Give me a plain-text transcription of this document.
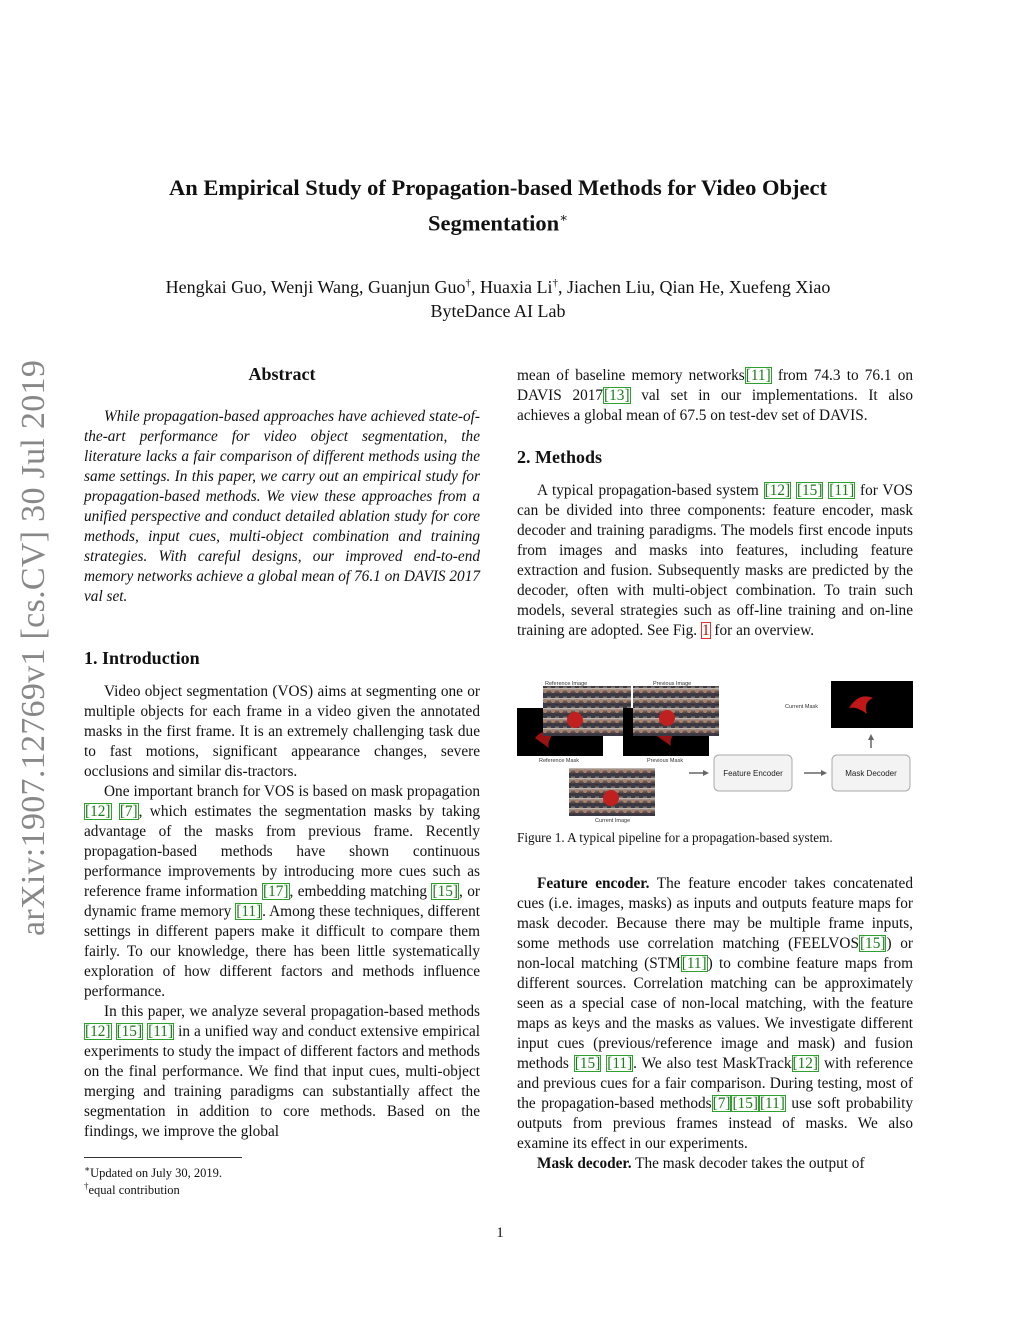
arXiv:1907.12769v1 [cs.CV] 30 Jul 2019
An Empirical Study of Propagation-based Methods for Video Object
Segmentation∗
Hengkai Guo, Wenji Wang, Guanjun Guo†, Huaxia Li†, Jiachen Liu, Qian He, Xuefeng Xiao
ByteDance AI Lab
Abstract

While propagation-based approaches have achieved state-of-the-art performance for video object segmentation, the literature lacks a fair comparison of different methods using the same settings. In this paper, we carry out an empirical study for propagation-based methods. We view these approaches from a unified perspective and conduct detailed ablation study for core methods, input cues, multi-object combination and training strategies. With careful designs, our improved end-to-end memory networks achieve a global mean of 76.1 on DAVIS 2017 val set.

1. Introduction

Video object segmentation (VOS) aims at segmenting one or multiple objects for each frame in a video given the annotated masks in the first frame. It is an extremely challenging task due to fast motions, significant appearance changes, severe occlusions and similar dis-tractors.

One important branch for VOS is based on mask propagation [12] [7], which estimates the segmentation masks by taking advantage of the masks from previous frame. Recently propagation-based methods have shown continuous performance improvements by introducing more cues such as reference frame information [17], embedding matching [15], or dynamic frame memory [11]. Among these techniques, different settings in different papers make it difficult to compare them fairly. To our knowledge, there has been little systematically exploration of how different factors and methods influence performance.

In this paper, we analyze several propagation-based methods [12] [15] [11] in a unified way and conduct extensive empirical experiments to study the impact of different factors and methods on the final performance. We find that input cues, multi-object merging and training paradigms can substantially affect the segmentation in addition to core methods. Based on the findings, we improve the global

∗Updated on July 30, 2019.
†equal contribution

mean of baseline memory networks[11] from 74.3 to 76.1 on DAVIS 2017[13] val set in our implementations. It also achieves a global mean of 67.5 on test-dev set of DAVIS.

2. Methods

A typical propagation-based system [12] [15] [11] for VOS can be divided into three components: feature encoder, mask decoder and training paradigms. The models first encode inputs from images and masks into features, including feature extraction and fusion. Subsequently masks are predicted by the decoder, often with multi-object combination. To train such models, several strategies such as off-line training and on-line training are adopted. See Fig. 1 for an overview.

Reference Image
Reference Mask
Previous Image
Previous Mask
Current Image
Current Mask
Feature Encoder	Mask Decoder
Figure 1. A typical pipeline for a propagation-based system.

Feature encoder. The feature encoder takes concatenated cues (i.e. images, masks) as inputs and outputs feature maps for mask decoder. Because there may be multiple frame inputs, some methods use correlation matching (FEELVOS[15]) or non-local matching (STM[11]) to combine feature maps from different sources. Correlation matching can be approximately seen as a special case of non-local matching, with the feature maps as keys and the masks as values. We investigate different input cues (previous/reference image and mask) and fusion methods [15] [11]. We also test MaskTrack[12] with reference and previous cues for a fair comparison. During testing, most of the propagation-based methods[7] [15] [11] use soft probability outputs from previous frames instead of masks. We also examine its effect in our experiments.

Mask decoder. The mask decoder takes the output of

1
